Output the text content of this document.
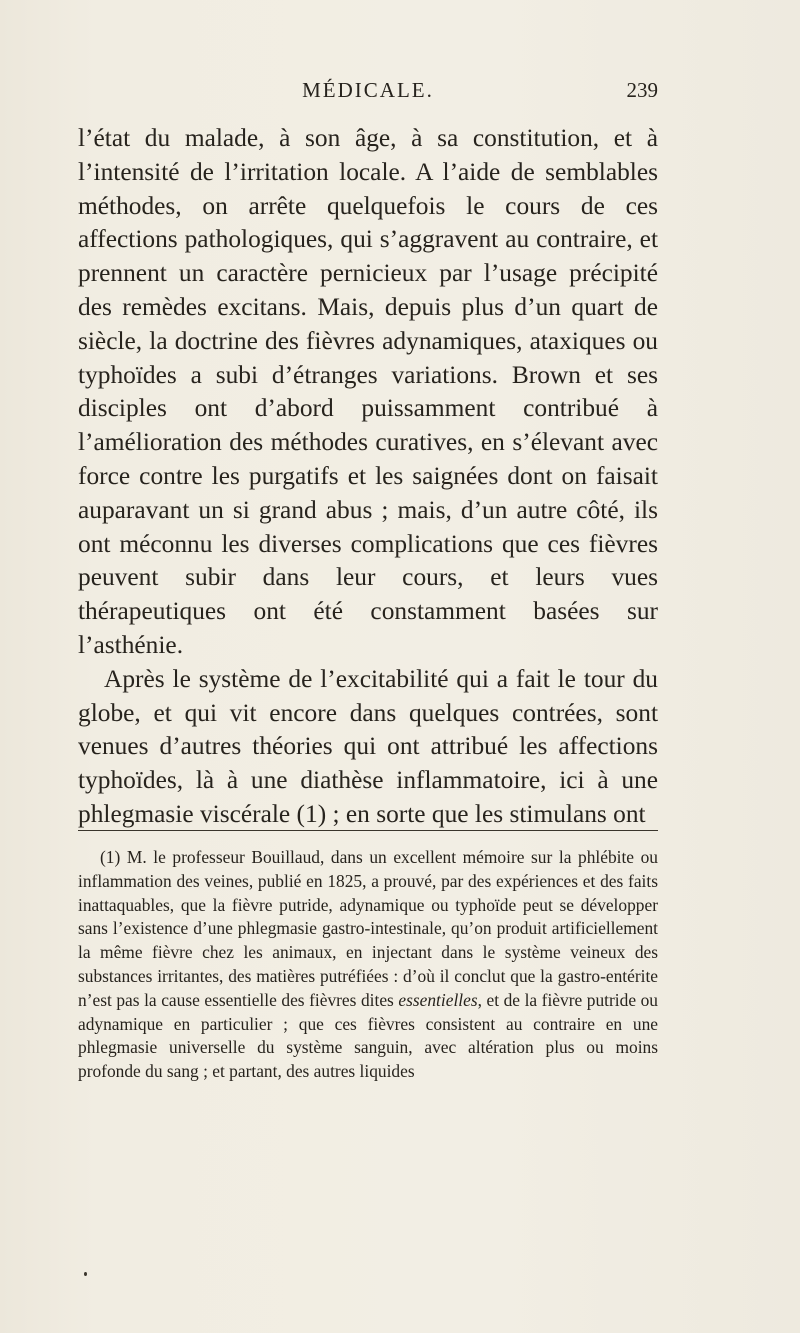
MÉDICALE.	239

l’état du malade, à son âge, à sa constitution, et à l’intensité de l’irritation locale. A l’aide de semblables méthodes, on arrête quelquefois le cours de ces affections pathologiques, qui s’aggravent au contraire, et prennent un caractère pernicieux par l’usage précipité des remèdes excitans. Mais, depuis plus d’un quart de siècle, la doctrine des fièvres adynamiques, ataxiques ou typhoïdes a subi d’étranges variations. Brown et ses disciples ont d’abord puissamment contribué à l’amélioration des méthodes curatives, en s’élevant avec force contre les purgatifs et les saignées dont on faisait auparavant un si grand abus ; mais, d’un autre côté, ils ont méconnu les diverses complications que ces fièvres peuvent subir dans leur cours, et leurs vues thérapeutiques ont été constamment basées sur l’asthénie.

Après le système de l’excitabilité qui a fait le tour du globe, et qui vit encore dans quelques contrées, sont venues d’autres théories qui ont attribué les affections typhoïdes, là à une diathèse inflammatoire, ici à une phlegmasie viscérale (1) ; en sorte que les stimulans ont

(1) M. le professeur Bouillaud, dans un excellent mémoire sur la phlébite ou inflammation des veines, publié en 1825, a prouvé, par des expériences et des faits inattaquables, que la fièvre putride, adynamique ou typhoïde peut se développer sans l’existence d’une phlegmasie gastro-intestinale, qu’on produit artificiellement la même fièvre chez les animaux, en injectant dans le système veineux des substances irritantes, des matières putréfiées : d’où il conclut que la gastro-entérite n’est pas la cause essentielle des fièvres dites essentielles, et de la fièvre putride ou adynamique en particulier ; que ces fièvres consistent au contraire en une phlegmasie universelle du système sanguin, avec altération plus ou moins profonde du sang ; et partant, des autres liquides
